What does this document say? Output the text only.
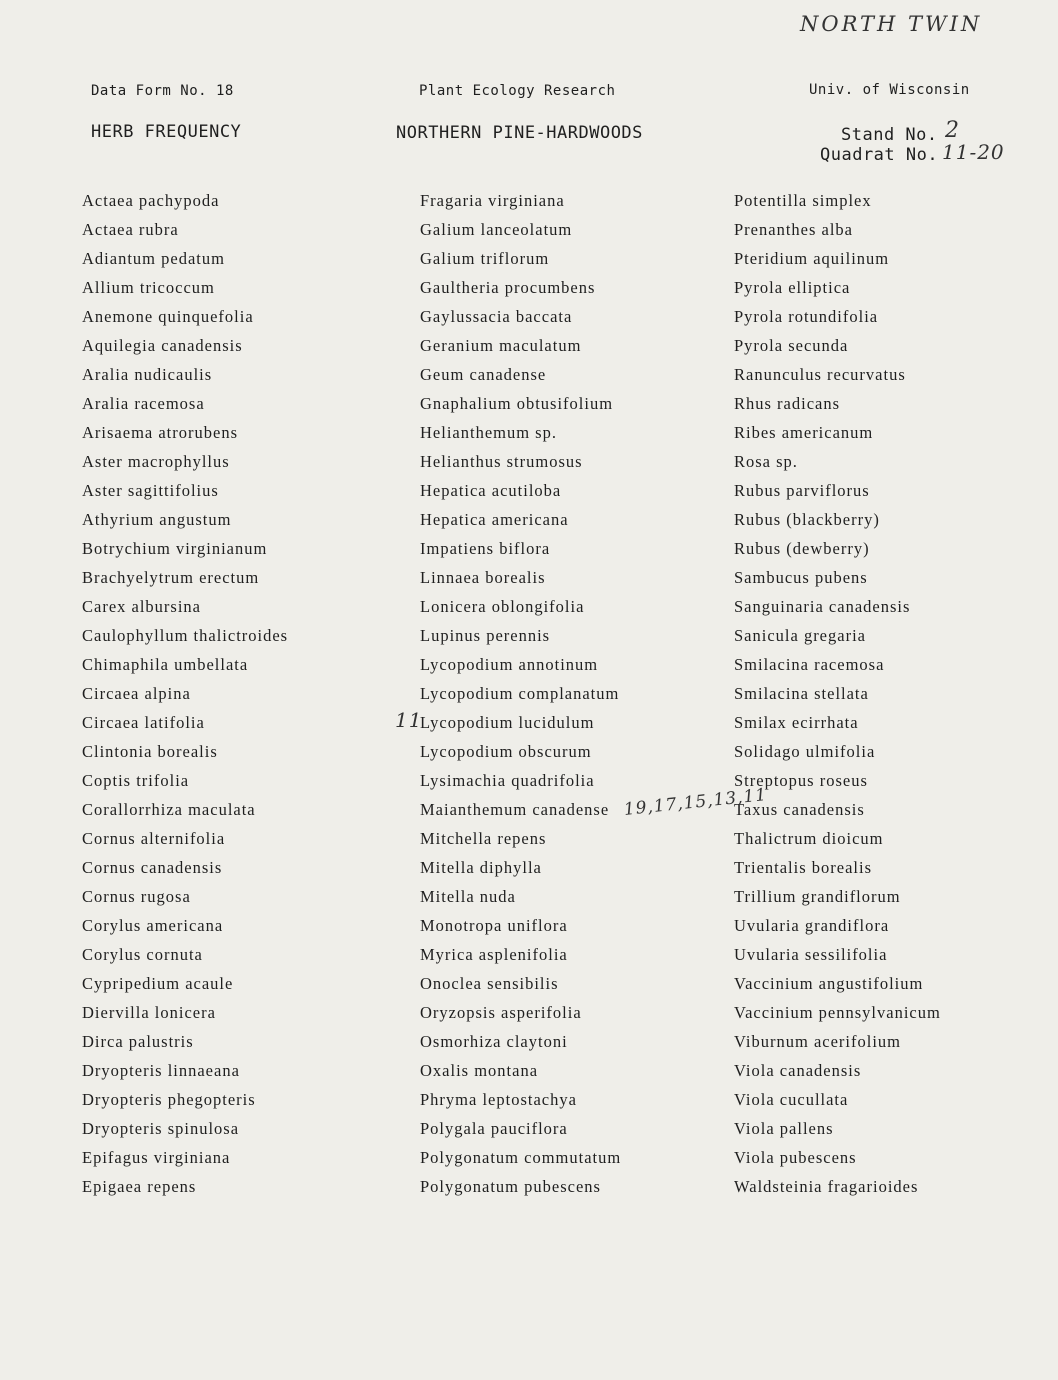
NORTH TWIN
Data Form No. 18	Plant Ecology Research	Univ. of Wisconsin
HERB FREQUENCY	NORTHERN PINE-HARDWOODS	Stand No. 2
Quadrat No. 11-20
Actaea pachypoda
Actaea rubra
Adiantum pedatum
Allium tricoccum
Anemone quinquefolia
Aquilegia canadensis
Aralia nudicaulis
Aralia racemosa
Arisaema atrorubens
Aster macrophyllus
Aster sagittifolius
Athyrium angustum
Botrychium virginianum
Brachyelytrum erectum
Carex albursina
Caulophyllum thalictroides
Chimaphila umbellata
Circaea alpina
Circaea latifolia
Clintonia borealis
Coptis trifolia
Corallorrhiza maculata
Cornus alternifolia
Cornus canadensis
Cornus rugosa
Corylus americana
Corylus cornuta
Cypripedium acaule
Diervilla lonicera
Dirca palustris
Dryopteris linnaeana
Dryopteris phegopteris
Dryopteris spinulosa
Epifagus virginiana
Epigaea repens
Fragaria virginiana
Galium lanceolatum
Galium triflorum
Gaultheria procumbens
Gaylussacia baccata
Geranium maculatum
Geum canadense
Gnaphalium obtusifolium
Helianthemum sp.
Helianthus strumosus
Hepatica acutiloba
Hepatica americana
Impatiens biflora
Linnaea borealis
Lonicera oblongifolia
Lupinus perennis
Lycopodium annotinum
Lycopodium complanatum
Lycopodium lucidulum
Lycopodium obscurum
Lysimachia quadrifolia
Maianthemum canadense
Mitchella repens
Mitella diphylla
Mitella nuda
Monotropa uniflora
Myrica asplenifolia
Onoclea sensibilis
Oryzopsis asperifolia
Osmorhiza claytoni
Oxalis montana
Phryma leptostachya
Polygala pauciflora
Polygonatum commutatum
Polygonatum pubescens
Potentilla simplex
Prenanthes alba
Pteridium aquilinum
Pyrola elliptica
Pyrola rotundifolia
Pyrola secunda
Ranunculus recurvatus
Rhus radicans
Ribes americanum
Rosa sp.
Rubus parviflorus
Rubus (blackberry)
Rubus (dewberry)
Sambucus pubens
Sanguinaria canadensis
Sanicula gregaria
Smilacina racemosa
Smilacina stellata
Smilax ecirrhata
Solidago ulmifolia
Streptopus roseus
Taxus canadensis
Thalictrum dioicum
Trientalis borealis
Trillium grandiflorum
Uvularia grandiflora
Uvularia sessilifolia
Vaccinium angustifolium
Vaccinium pennsylvanicum
Viburnum acerifolium
Viola canadensis
Viola cucullata
Viola pallens
Viola pubescens
Waldsteinia fragarioides
11
19,17,15,13,11
